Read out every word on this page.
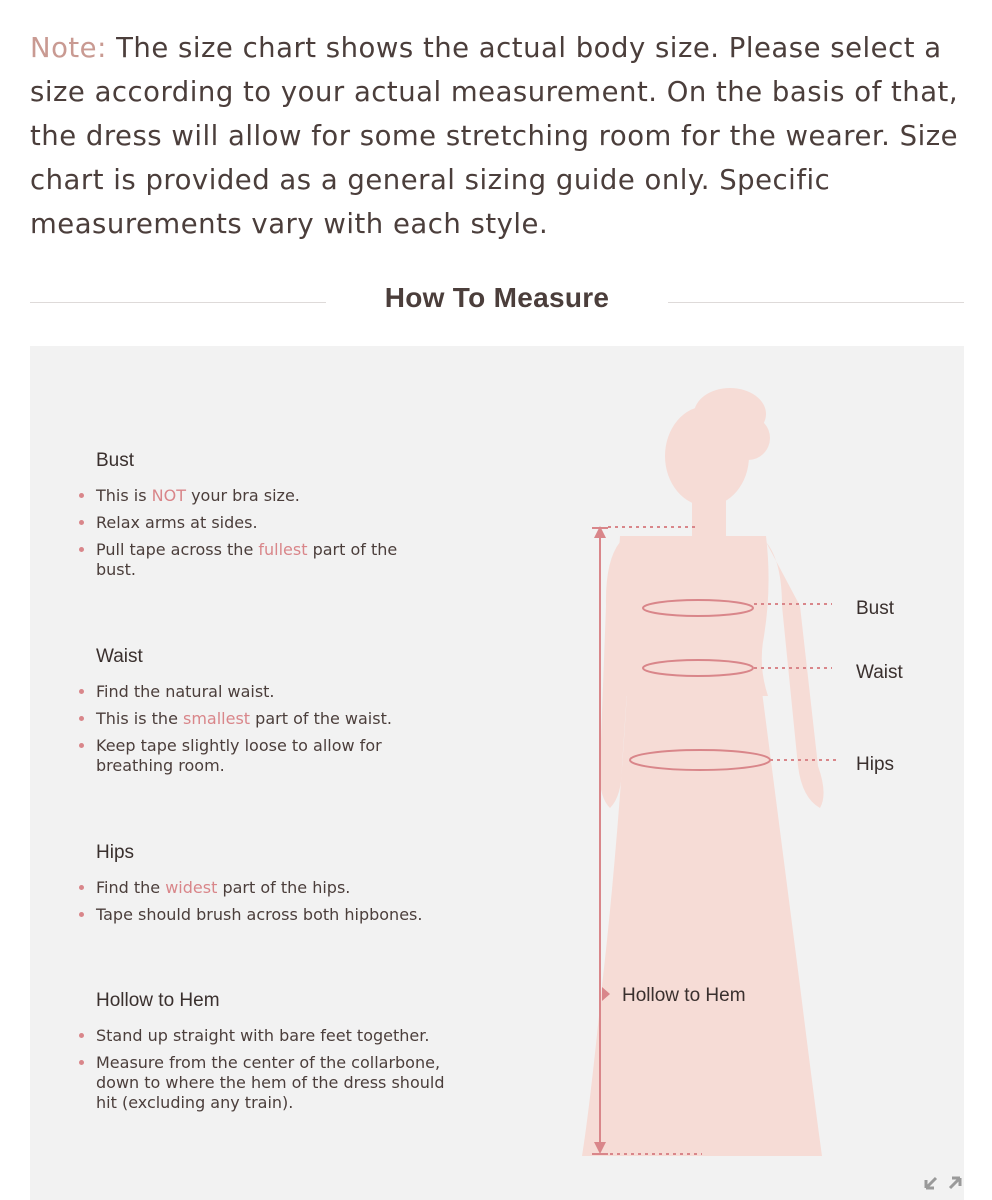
Note: The size chart shows the actual body size. Please select a size according to your actual measurement. On the basis of that, the dress will allow for some stretching room for the wearer. Size chart is provided as a general sizing guide only. Specific measurements vary with each style.

How To Measure
Bust
Waist
Hips
Hollow to Hem
Bust
This is NOT your bra size.
Relax arms at sides.
Pull tape across the fullest part of the bust.
Waist
Find the natural waist.
This is the smallest part of the waist.
Keep tape slightly loose to allow for breathing room.
Hips
Find the widest part of the hips.
Tape should brush across both hipbones.
Hollow to Hem
Stand up straight with bare feet together.
Measure from the center of the collarbone, down to where the hem of the dress should hit (excluding any train).
